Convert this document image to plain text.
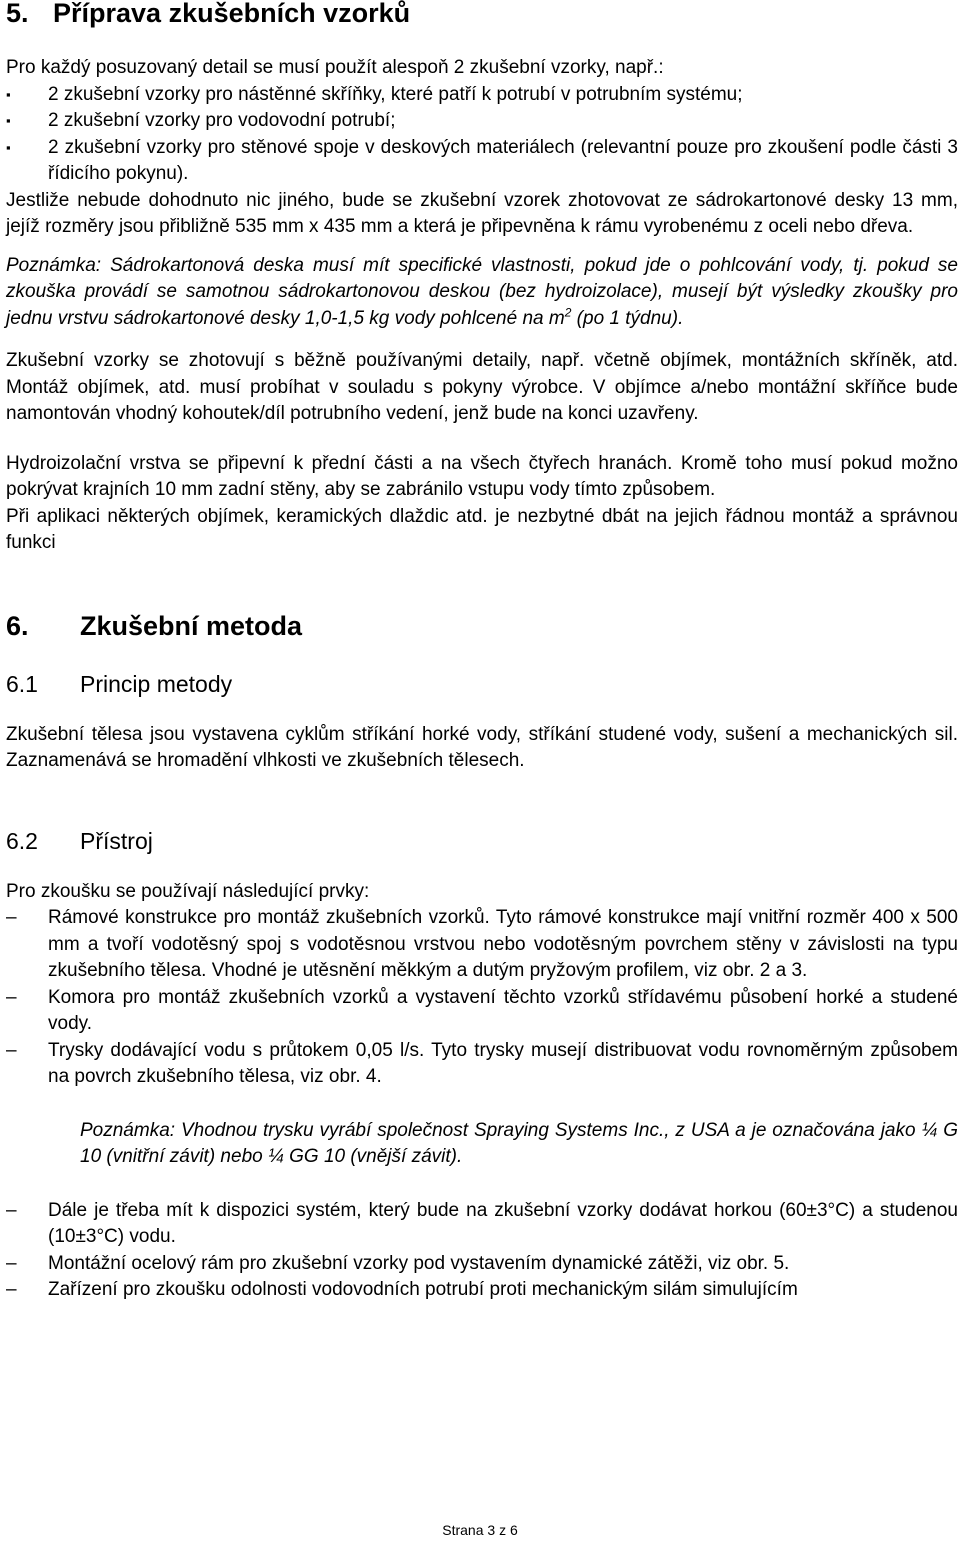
5. Příprava zkušebních vzorků

Pro každý posuzovaný detail se musí použít alespoň 2 zkušební vzorky, např.:

▪ 2 zkušební vzorky pro nástěnné skříňky, které patří k potrubí v potrubním systému;
▪ 2 zkušební vzorky pro vodovodní potrubí;
▪ 2 zkušební vzorky pro stěnové spoje v deskových materiálech (relevantní pouze pro zkoušení podle části 3 řídicího pokynu).

Jestliže nebude dohodnuto nic jiného, bude se zkušební vzorek zhotovovat ze sádrokartonové desky 13 mm, jejíž rozměry jsou přibližně 535 mm x 435 mm a která je připevněna k rámu vyrobenému z oceli nebo dřeva.

Poznámka: Sádrokartonová deska musí mít specifické vlastnosti, pokud jde o pohlcování vody, tj. pokud se zkouška provádí se samotnou sádrokartonovou deskou (bez hydroizolace), musejí být výsledky zkoušky pro jednu vrstvu sádrokartonové desky 1,0-1,5 kg vody pohlcené na $m^2$ (po 1 týdnu).

Zkušební vzorky se zhotovují s běžně používanými detaily, např. včetně objímek, montážních skříněk, atd. Montáž objímek, atd. musí probíhat v souladu s pokyny výrobce. V objímce a/nebo montážní skříňce bude namontován vhodný kohoutek/díl potrubního vedení, jenž bude na konci uzavřeny.

Hydroizolační vrstva se připevní k přední části a na všech čtyřech hranách. Kromě toho musí pokud možno pokrývat krajních 10 mm zadní stěny, aby se zabránilo vstupu vody tímto způsobem.

Při aplikaci některých objímek, keramických dlaždic atd. je nezbytné dbát na jejich řádnou montáž a správnou funkci

6. Zkušební metoda

6.1 Princip metody

Zkušební tělesa jsou vystavena cyklům stříkání horké vody, stříkání studené vody, sušení a mechanických sil. Zaznamenává se hromadění vlhkosti ve zkušebních tělesech.

6.2 Přístroj

Pro zkoušku se používají následující prvky:

– Rámové konstrukce pro montáž zkušebních vzorků. Tyto rámové konstrukce mají vnitřní rozměr 400 x 500 mm a tvoří vodotěsný spoj s vodotěsnou vrstvou nebo vodotěsným povrchem stěny v závislosti na typu zkušebního tělesa. Vhodné je utěsnění měkkým a dutým pryžovým profilem, viz obr. 2 a 3.
– Komora pro montáž zkušebních vzorků a vystavení těchto vzorků střídavému působení horké a studené vody.
– Trysky dodávající vodu s průtokem 0,05 l/s. Tyto trysky musejí distribuovat vodu rovnoměrným způsobem na povrch zkušebního tělesa, viz obr. 4.

Poznámka: Vhodnou trysku vyrábí společnost Spraying Systems Inc., z USA a je označována jako ¼ G 10 (vnitřní závit) nebo ¼ GG 10 (vnější závit).

– Dále je třeba mít k dispozici systém, který bude na zkušební vzorky dodávat horkou (60±3°C) a studenou (10±3°C) vodu.
– Montážní ocelový rám pro zkušební vzorky pod vystavením dynamické zátěži, viz obr. 5.
– Zařízení pro zkoušku odolnosti vodovodních potrubí proti mechanickým silám simulujícím
Strana 3 z 6
